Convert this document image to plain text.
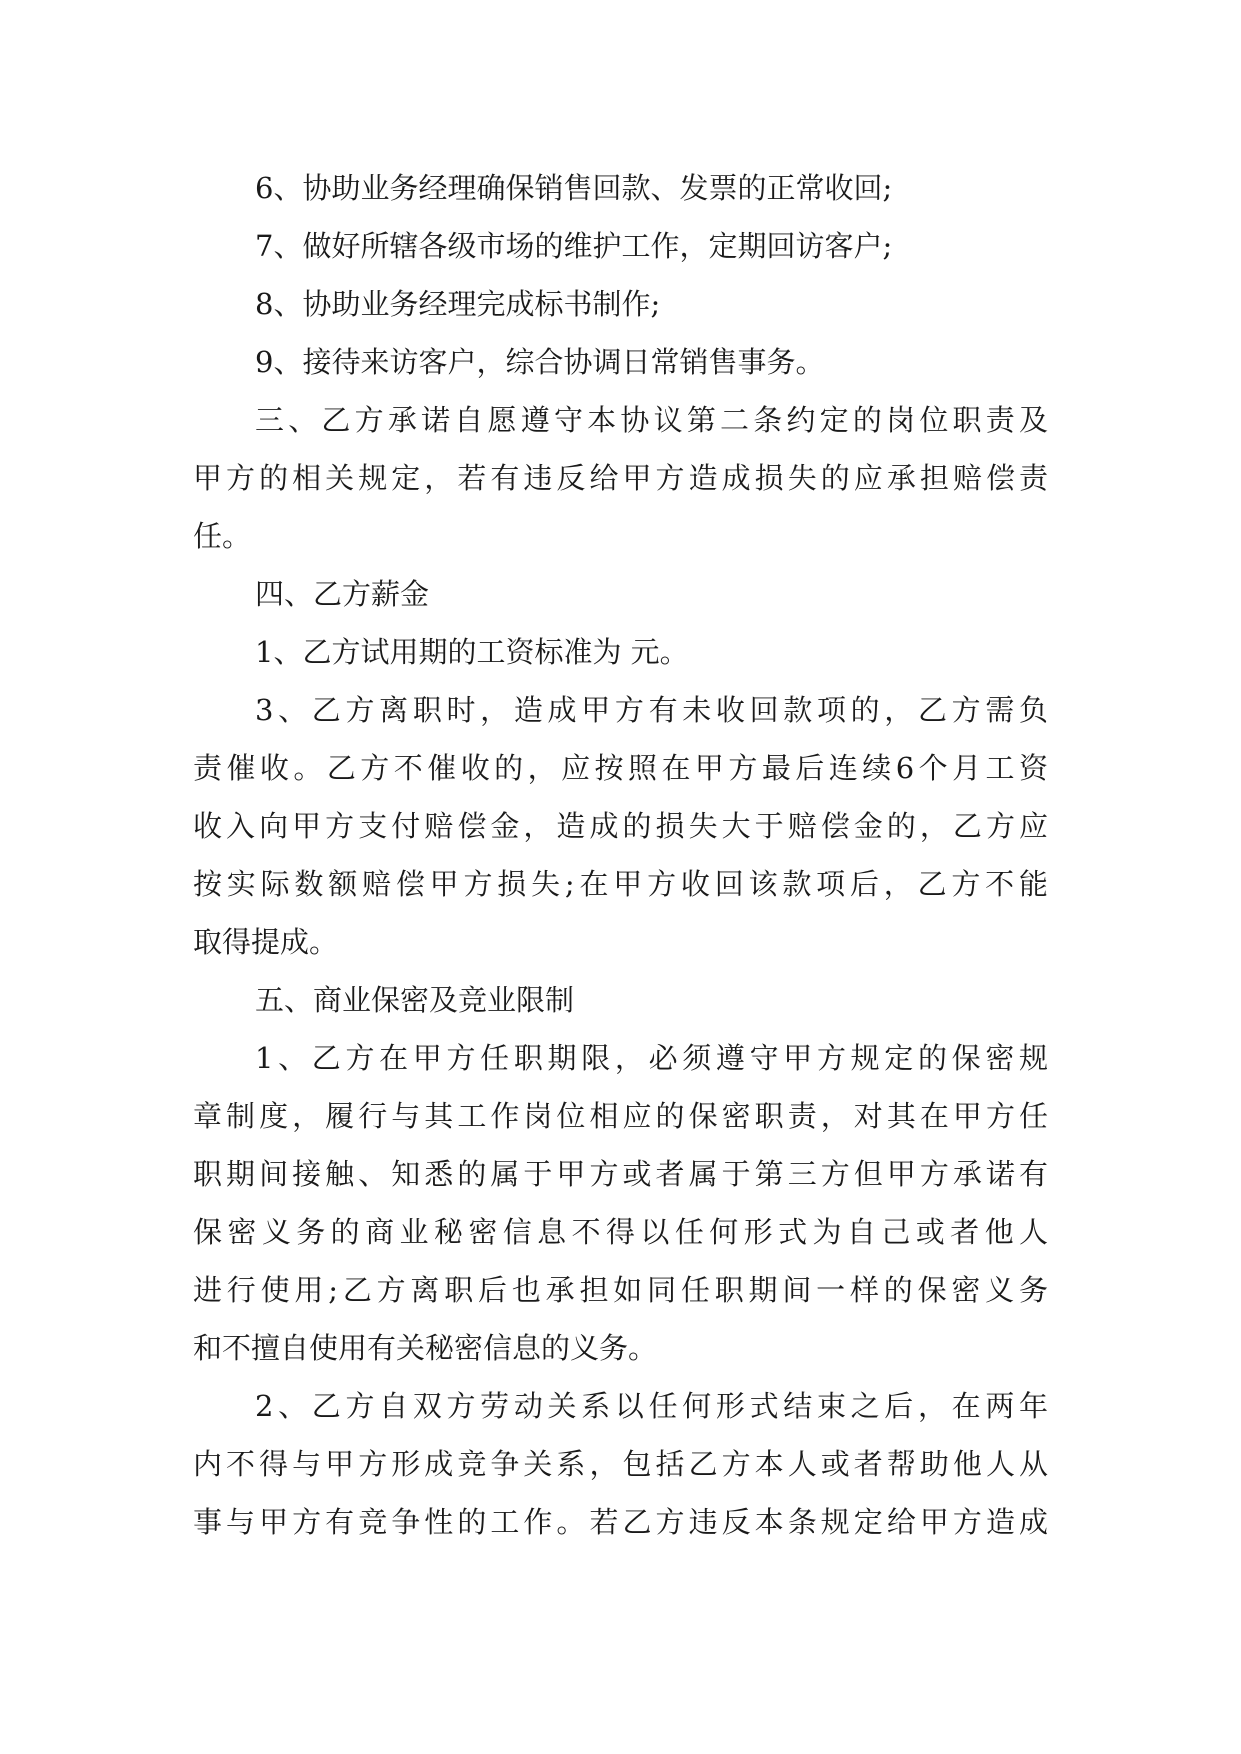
6、协助业务经理确保销售回款、发票的正常收回;
7、做好所辖各级市场的维护工作，定期回访客户;
8、协助业务经理完成标书制作;
9、接待来访客户，综合协调日常销售事务。
三、乙方承诺自愿遵守本协议第二条约定的岗位职责及
甲方的相关规定，若有违反给甲方造成损失的应承担赔偿责
任。
四、乙方薪金
1、乙方试用期的工资标准为 元。
3、乙方离职时，造成甲方有未收回款项的，乙方需负
责催收。乙方不催收的，应按照在甲方最后连续6个月工资
收入向甲方支付赔偿金，造成的损失大于赔偿金的，乙方应
按实际数额赔偿甲方损失;在甲方收回该款项后，乙方不能
取得提成。
五、商业保密及竞业限制
1、乙方在甲方任职期限，必须遵守甲方规定的保密规
章制度，履行与其工作岗位相应的保密职责，对其在甲方任
职期间接触、知悉的属于甲方或者属于第三方但甲方承诺有
保密义务的商业秘密信息不得以任何形式为自己或者他人
进行使用;乙方离职后也承担如同任职期间一样的保密义务
和不擅自使用有关秘密信息的义务。
2、乙方自双方劳动关系以任何形式结束之后，在两年
内不得与甲方形成竞争关系，包括乙方本人或者帮助他人从
事与甲方有竞争性的工作。若乙方违反本条规定给甲方造成
